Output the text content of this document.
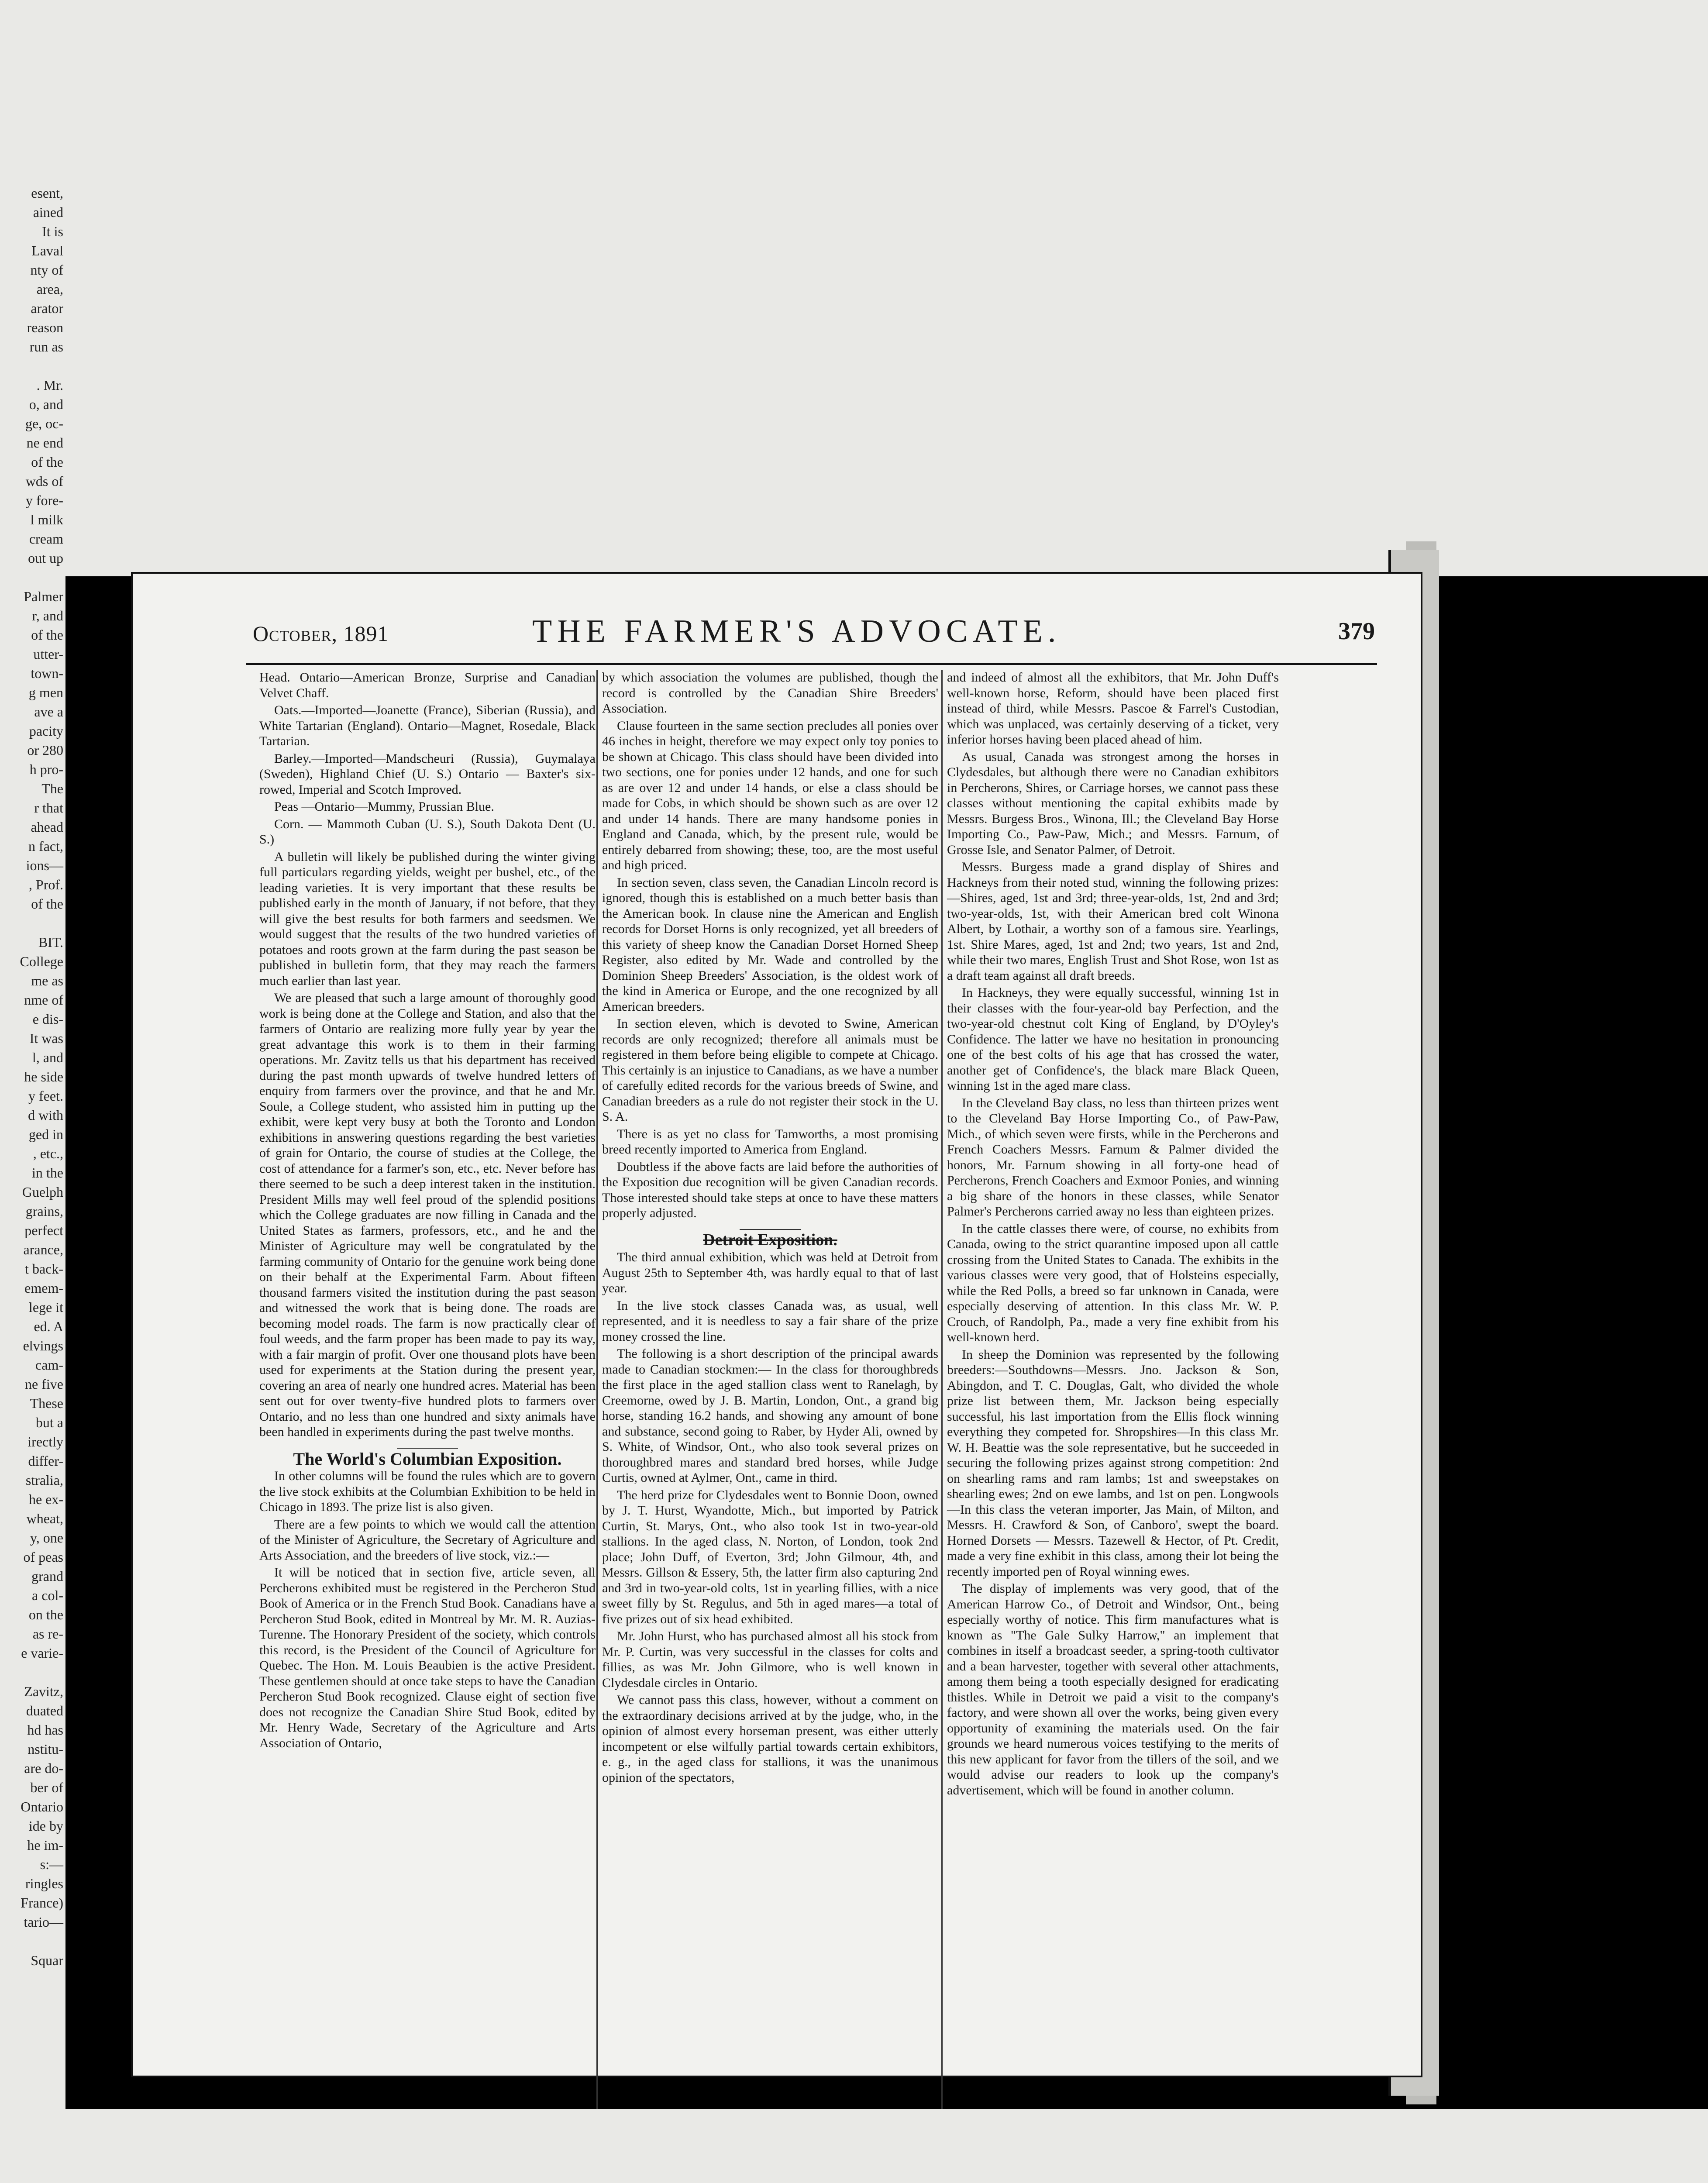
esent,
ained
It is
Laval
nty of
area,
arator
reason
run as

. Mr.
o, and
ge, oc-
ne end
of the
wds of
y fore-
l milk
cream
out up

Palmer
r, and
of the
utter-
town-
g men
ave a
pacity
or 280
h pro-
The
r that
ahead
n fact,
ions—
, Prof.
of the

BIT.
College
me as
nme of
e dis-
It was
l, and
he side
y feet.
d with
ged in
, etc.,
in the
Guelph
grains,
perfect
arance,
t back-
emem-
lege it
ed. A
elvings
cam-
ne five
These
but a
irectly
differ-
stralia,
he ex-
wheat,
y, one
of peas
grand
a col-
on the
as re-
e varie-

Zavitz,
duated
hd has
nstitu-
are do-
ber of
Ontario
ide by
he im-
s:—
ringles
France)
tario—

Squar
October, 1891	THE FARMER'S ADVOCATE.	379

Head. Ontario—American Bronze, Surprise and Canadian Velvet Chaff.

Oats.—Imported—Joanette (France), Siberian (Russia), and White Tartarian (England). Ontario—Magnet, Rosedale, Black Tartarian.

Barley.—Imported—Mandscheuri (Russia), Guymalaya (Sweden), Highland Chief (U. S.) Ontario — Baxter's six-rowed, Imperial and Scotch Improved.

Peas —Ontario—Mummy, Prussian Blue.

Corn. — Mammoth Cuban (U. S.), South Dakota Dent (U. S.)

A bulletin will likely be published during the winter giving full particulars regarding yields, weight per bushel, etc., of the leading varieties. It is very important that these results be published early in the month of January, if not before, that they will give the best results for both farmers and seedsmen. We would suggest that the results of the two hundred varieties of potatoes and roots grown at the farm during the past season be published in bulletin form, that they may reach the farmers much earlier than last year.

We are pleased that such a large amount of thoroughly good work is being done at the College and Station, and also that the farmers of Ontario are realizing more fully year by year the great advantage this work is to them in their farming operations. Mr. Zavitz tells us that his department has received during the past month upwards of twelve hundred letters of enquiry from farmers over the province, and that he and Mr. Soule, a College student, who assisted him in putting up the exhibit, were kept very busy at both the Toronto and London exhibitions in answering questions regarding the best varieties of grain for Ontario, the course of studies at the College, the cost of attendance for a farmer's son, etc., etc. Never before has there seemed to be such a deep interest taken in the institution. President Mills may well feel proud of the splendid positions which the College graduates are now filling in Canada and the United States as farmers, professors, etc., and he and the Minister of Agriculture may well be congratulated by the farming community of Ontario for the genuine work being done on their behalf at the Experimental Farm. About fifteen thousand farmers visited the institution during the past season and witnessed the work that is being done. The roads are becoming model roads. The farm is now practically clear of foul weeds, and the farm proper has been made to pay its way, with a fair margin of profit. Over one thousand plots have been used for experiments at the Station during the present year, covering an area of nearly one hundred acres. Material has been sent out for over twenty-five hundred plots to farmers over Ontario, and no less than one hundred and sixty animals have been handled in experiments during the past twelve months.

The World's Columbian Exposition.

In other columns will be found the rules which are to govern the live stock exhibits at the Columbian Exhibition to be held in Chicago in 1893. The prize list is also given.

There are a few points to which we would call the attention of the Minister of Agriculture, the Secretary of Agriculture and Arts Association, and the breeders of live stock, viz.:—

It will be noticed that in section five, article seven, all Percherons exhibited must be registered in the Percheron Stud Book of America or in the French Stud Book. Canadians have a Percheron Stud Book, edited in Montreal by Mr. M. R. Auzias-Turenne. The Honorary President of the society, which controls this record, is the President of the Council of Agriculture for Quebec. The Hon. M. Louis Beaubien is the active President. These gentlemen should at once take steps to have the Canadian Percheron Stud Book recognized. Clause eight of section five does not recognize the Canadian Shire Stud Book, edited by Mr. Henry Wade, Secretary of the Agriculture and Arts Association of Ontario,

by which association the volumes are published, though the record is controlled by the Canadian Shire Breeders' Association.

Clause fourteen in the same section precludes all ponies over 46 inches in height, therefore we may expect only toy ponies to be shown at Chicago. This class should have been divided into two sections, one for ponies under 12 hands, and one for such as are over 12 and under 14 hands, or else a class should be made for Cobs, in which should be shown such as are over 12 and under 14 hands. There are many handsome ponies in England and Canada, which, by the present rule, would be entirely debarred from showing; these, too, are the most useful and high priced.

In section seven, class seven, the Canadian Lincoln record is ignored, though this is established on a much better basis than the American book. In clause nine the American and English records for Dorset Horns is only recognized, yet all breeders of this variety of sheep know the Canadian Dorset Horned Sheep Register, also edited by Mr. Wade and controlled by the Dominion Sheep Breeders' Association, is the oldest work of the kind in America or Europe, and the one recognized by all American breeders.

In section eleven, which is devoted to Swine, American records are only recognized; therefore all animals must be registered in them before being eligible to compete at Chicago. This certainly is an injustice to Canadians, as we have a number of carefully edited records for the various breeds of Swine, and Canadian breeders as a rule do not register their stock in the U. S. A.

There is as yet no class for Tamworths, a most promising breed recently imported to America from England.

Doubtless if the above facts are laid before the authorities of the Exposition due recognition will be given Canadian records. Those interested should take steps at once to have these matters properly adjusted.

Detroit Exposition.

The third annual exhibition, which was held at Detroit from August 25th to September 4th, was hardly equal to that of last year.

In the live stock classes Canada was, as usual, well represented, and it is needless to say a fair share of the prize money crossed the line.

The following is a short description of the principal awards made to Canadian stockmen:— In the class for thoroughbreds the first place in the aged stallion class went to Ranelagh, by Creemorne, owed by J. B. Martin, London, Ont., a grand big horse, standing 16.2 hands, and showing any amount of bone and substance, second going to Raber, by Hyder Ali, owned by S. White, of Windsor, Ont., who also took several prizes on thoroughbred mares and standard bred horses, while Judge Curtis, owned at Aylmer, Ont., came in third.

The herd prize for Clydesdales went to Bonnie Doon, owned by J. T. Hurst, Wyandotte, Mich., but imported by Patrick Curtin, St. Marys, Ont., who also took 1st in two-year-old stallions. In the aged class, N. Norton, of London, took 2nd place; John Duff, of Everton, 3rd; John Gilmour, 4th, and Messrs. Gillson & Essery, 5th, the latter firm also capturing 2nd and 3rd in two-year-old colts, 1st in yearling fillies, with a nice sweet filly by St. Regulus, and 5th in aged mares—a total of five prizes out of six head exhibited.

Mr. John Hurst, who has purchased almost all his stock from Mr. P. Curtin, was very successful in the classes for colts and fillies, as was Mr. John Gilmore, who is well known in Clydesdale circles in Ontario.

We cannot pass this class, however, without a comment on the extraordinary decisions arrived at by the judge, who, in the opinion of almost every horseman present, was either utterly incompetent or else wilfully partial towards certain exhibitors, e. g., in the aged class for stallions, it was the unanimous opinion of the spectators,

and indeed of almost all the exhibitors, that Mr. John Duff's well-known horse, Reform, should have been placed first instead of third, while Messrs. Pascoe & Farrel's Custodian, which was unplaced, was certainly deserving of a ticket, very inferior horses having been placed ahead of him.

As usual, Canada was strongest among the horses in Clydesdales, but although there were no Canadian exhibitors in Percherons, Shires, or Carriage horses, we cannot pass these classes without mentioning the capital exhibits made by Messrs. Burgess Bros., Winona, Ill.; the Cleveland Bay Horse Importing Co., Paw-Paw, Mich.; and Messrs. Farnum, of Grosse Isle, and Senator Palmer, of Detroit.

Messrs. Burgess made a grand display of Shires and Hackneys from their noted stud, winning the following prizes:—Shires, aged, 1st and 3rd; three-year-olds, 1st, 2nd and 3rd; two-year-olds, 1st, with their American bred colt Winona Albert, by Lothair, a worthy son of a famous sire. Yearlings, 1st. Shire Mares, aged, 1st and 2nd; two years, 1st and 2nd, while their two mares, English Trust and Shot Rose, won 1st as a draft team against all draft breeds.

In Hackneys, they were equally successful, winning 1st in their classes with the four-year-old bay Perfection, and the two-year-old chestnut colt King of England, by D'Oyley's Confidence. The latter we have no hesitation in pronouncing one of the best colts of his age that has crossed the water, another get of Confidence's, the black mare Black Queen, winning 1st in the aged mare class.

In the Cleveland Bay class, no less than thirteen prizes went to the Cleveland Bay Horse Importing Co., of Paw-Paw, Mich., of which seven were firsts, while in the Percherons and French Coachers Messrs. Farnum & Palmer divided the honors, Mr. Farnum showing in all forty-one head of Percherons, French Coachers and Exmoor Ponies, and winning a big share of the honors in these classes, while Senator Palmer's Percherons carried away no less than eighteen prizes.

In the cattle classes there were, of course, no exhibits from Canada, owing to the strict quarantine imposed upon all cattle crossing from the United States to Canada. The exhibits in the various classes were very good, that of Holsteins especially, while the Red Polls, a breed so far unknown in Canada, were especially deserving of attention. In this class Mr. W. P. Crouch, of Randolph, Pa., made a very fine exhibit from his well-known herd.

In sheep the Dominion was represented by the following breeders:—Southdowns—Messrs. Jno. Jackson & Son, Abingdon, and T. C. Douglas, Galt, who divided the whole prize list between them, Mr. Jackson being especially successful, his last importation from the Ellis flock winning everything they competed for. Shropshires—In this class Mr. W. H. Beattie was the sole representative, but he succeeded in securing the following prizes against strong competition: 2nd on shearling rams and ram lambs; 1st and sweepstakes on shearling ewes; 2nd on ewe lambs, and 1st on pen. Longwools—In this class the veteran importer, Jas Main, of Milton, and Messrs. H. Crawford & Son, of Canboro', swept the board. Horned Dorsets — Messrs. Tazewell & Hector, of Pt. Credit, made a very fine exhibit in this class, among their lot being the recently imported pen of Royal winning ewes.

The display of implements was very good, that of the American Harrow Co., of Detroit and Windsor, Ont., being especially worthy of notice. This firm manufactures what is known as "The Gale Sulky Harrow," an implement that combines in itself a broadcast seeder, a spring-tooth cultivator and a bean harvester, together with several other attachments, among them being a tooth especially designed for eradicating thistles. While in Detroit we paid a visit to the company's factory, and were shown all over the works, being given every opportunity of examining the materials used. On the fair grounds we heard numerous voices testifying to the merits of this new applicant for favor from the tillers of the soil, and we would advise our readers to look up the company's advertisement, which will be found in another column.
